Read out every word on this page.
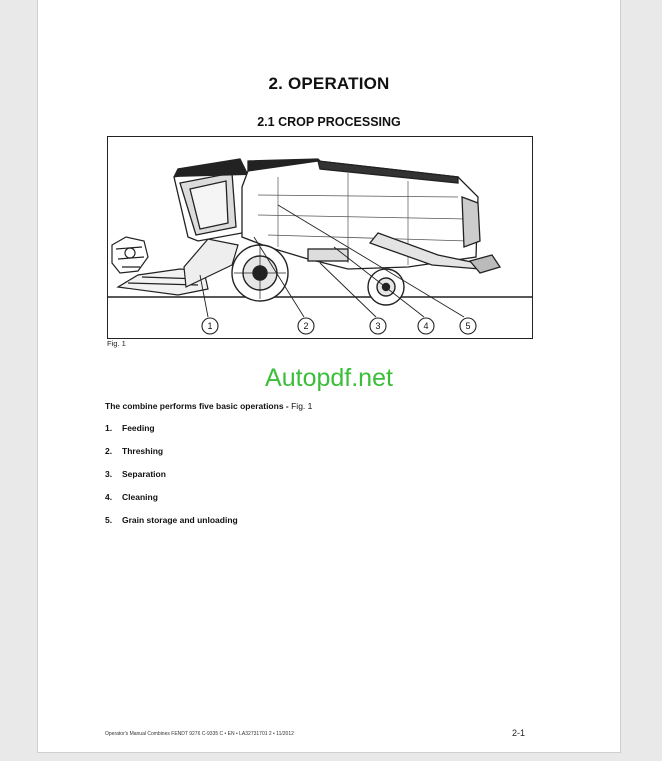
2. OPERATION
2.1 CROP PROCESSING
1	2	3	4	5
Fig. 1
Autopdf.net
The combine performs five basic operations - Fig. 1
1. Feeding
2. Threshing
3. Separation
4. Cleaning
5. Grain storage and unloading
Operator's Manual Combines FENDT 9276 C-9335 C • EN • LA32731701 2 • 11/2012	2-1
